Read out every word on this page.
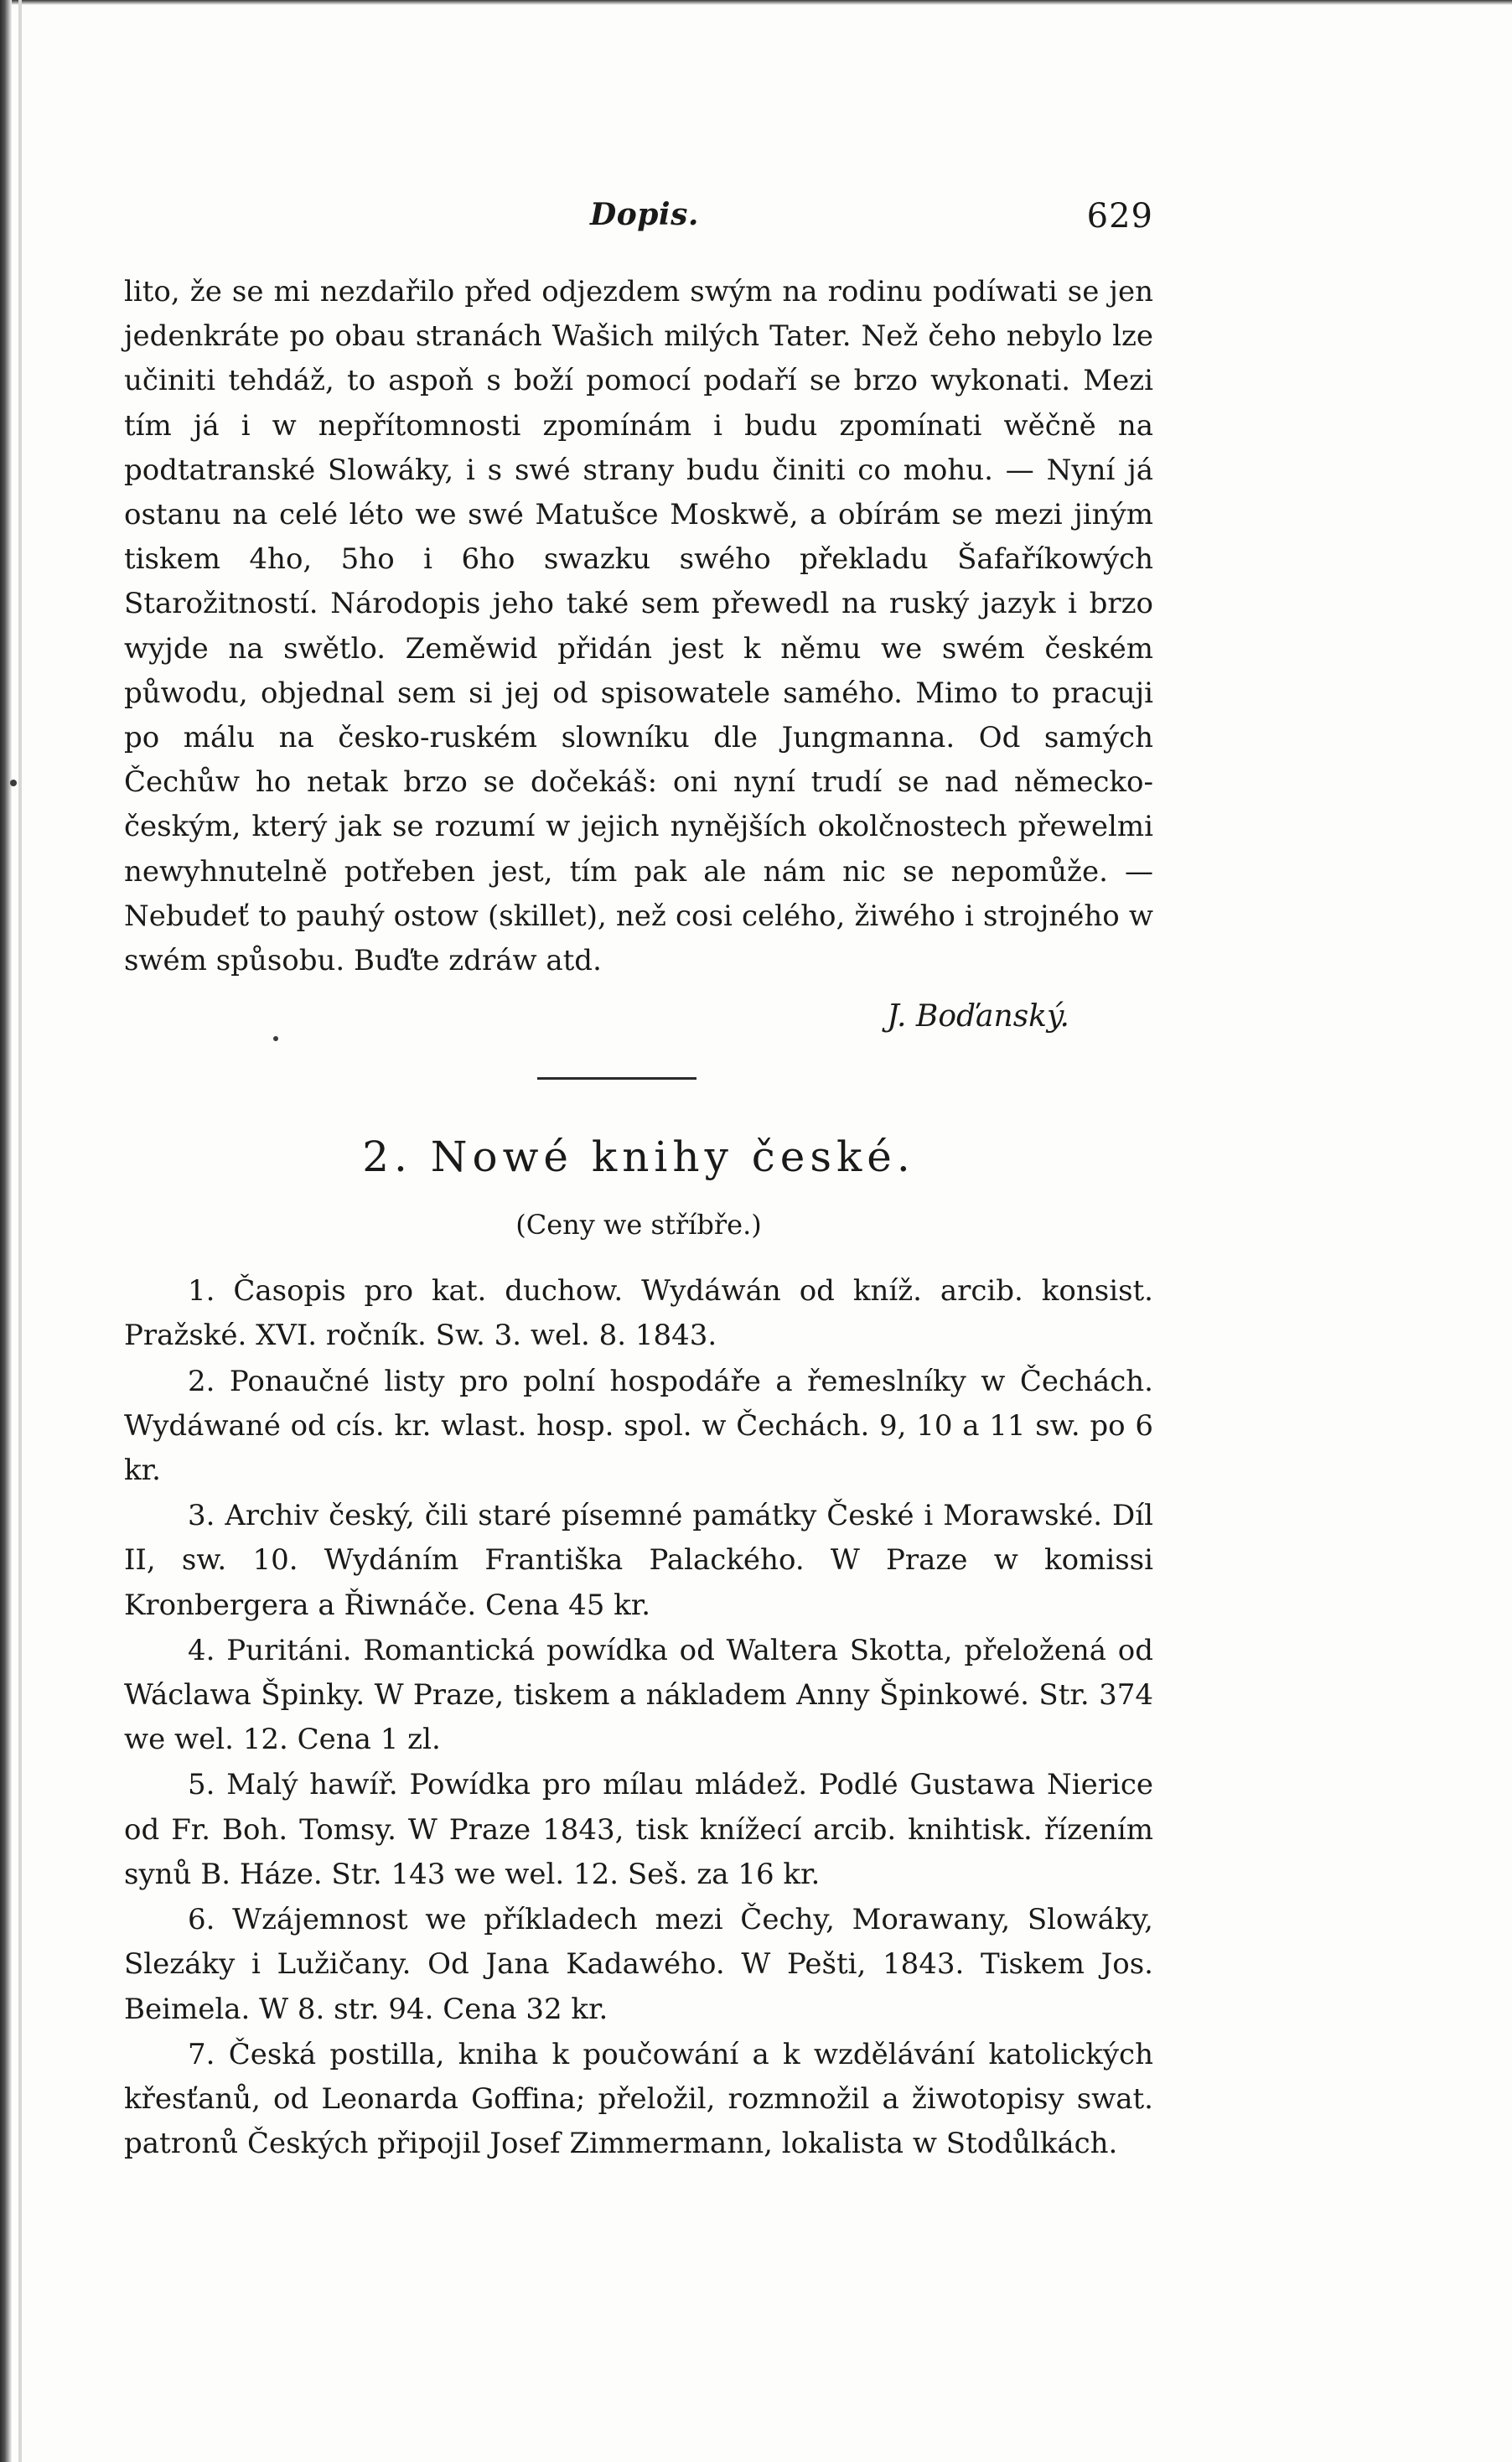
Dopis.	629

lito, že se mi nezdařilo před odjezdem swým na rodinu podíwati se jen jedenkráte po obau stranách Wašich milých Tater. Než čeho nebylo lze učiniti tehdáž, to aspoň s boží pomocí podaří se brzo wykonati. Mezi tím já i w nepřítomnosti zpomínám i budu zpomínati wěčně na podtatranské Slowáky, i s swé strany budu činiti co mohu. — Nyní já ostanu na celé léto we swé Matušce Moskwě, a obírám se mezi jiným tiskem 4ho, 5ho i 6ho swazku swého překladu Šafaříkowých Starožitností. Národopis jeho také sem přewedl na ruský jazyk i brzo wyjde na swětlo. Zeměwid přidán jest k němu we swém českém půwodu, objednal sem si jej od spisowatele samého. Mimo to pracuji po málu na česko-ruském slowníku dle Jungmanna. Od samých Čechůw ho netak brzo se dočekáš: oni nyní trudí se nad německo-českým, který jak se rozumí w jejich nynějších okolčnostech přewelmi newyhnutelně potřeben jest, tím pak ale nám nic se nepomůže. — Nebudeť to pauhý ostow (skillet), než cosi celého, žiwého i strojného w swém spůsobu. Buďte zdráw atd.

J. Boďanský.
2. Nowé knihy české.
(Ceny we stříbře.)

1. Časopis pro kat. duchow. Wydáwán od kníž. arcib. konsist. Pražské. XVI. ročník. Sw. 3. wel. 8. 1843.

2. Ponaučné listy pro polní hospodáře a řemeslníky w Čechách. Wydáwané od cís. kr. wlast. hosp. spol. w Čechách. 9, 10 a 11 sw. po 6 kr.

3. Archiv český, čili staré písemné památky České i Morawské. Díl II, sw. 10. Wydáním Františka Palackého. W Praze w komissi Kronbergera a Řiwnáče. Cena 45 kr.

4. Puritáni. Romantická powídka od Waltera Skotta, přeložená od Wáclawa Špinky. W Praze, tiskem a nákladem Anny Špinkowé. Str. 374 we wel. 12. Cena 1 zl.

5. Malý hawíř. Powídka pro mílau mládež. Podlé Gustawa Nierice od Fr. Boh. Tomsy. W Praze 1843, tisk knížecí arcib. knihtisk. řízením synů B. Háze. Str. 143 we wel. 12. Seš. za 16 kr.

6. Wzájemnost we příkladech mezi Čechy, Morawany, Slowáky, Slezáky i Lužičany. Od Jana Kadawého. W Pešti, 1843. Tiskem Jos. Beimela. W 8. str. 94. Cena 32 kr.

7. Česká postilla, kniha k poučowání a k wzdělávání katolických křesťanů, od Leonarda Goffina; přeložil, rozmnožil a žiwotopisy swat. patronů Českých připojil Josef Zimmermann, lokalista w Stodůlkách.
